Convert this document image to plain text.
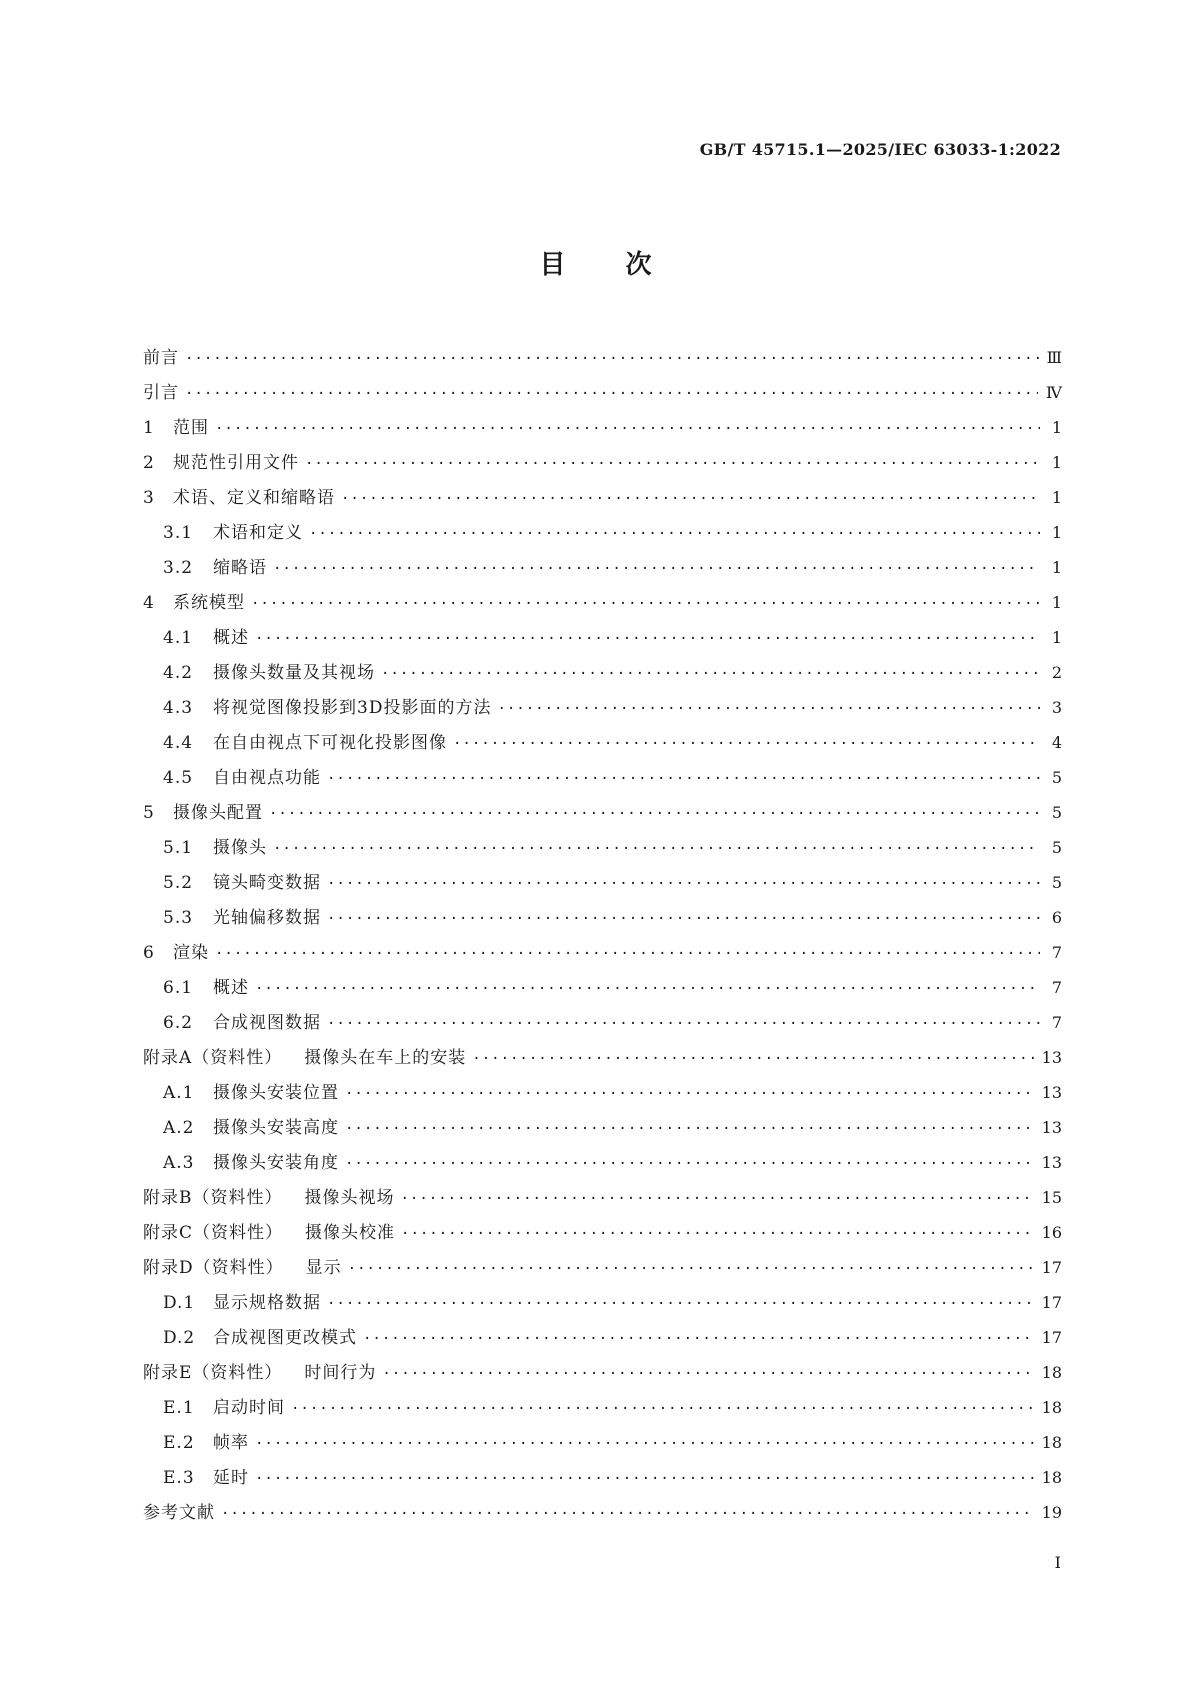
GB/T 45715.1—2025/IEC 63033-1:2022
目次
前言 ·····	Ⅲ
引言 ·····	Ⅳ
1 范围 ·····	1
2 规范性引用文件 ·····	1
3 术语、定义和缩略语 ·····	1
3.1 术语和定义 ·····	1
3.2 缩略语 ·····	1
4 系统模型 ·····	1
4.1 概述 ·····	1
4.2 摄像头数量及其视场 ·····	2
4.3 将视觉图像投影到3D投影面的方法 ·····	3
4.4 在自由视点下可视化投影图像 ·····	4
4.5 自由视点功能 ·····	5
5 摄像头配置 ·····	5
5.1 摄像头 ·····	5
5.2 镜头畸变数据 ·····	5
5.3 光轴偏移数据 ·····	6
6 渲染 ·····	7
6.1 概述 ·····	7
6.2 合成视图数据 ·····	7
附录A（资料性） 摄像头在车上的安装 ·····	13
A.1 摄像头安装位置 ·····	13
A.2 摄像头安装高度 ·····	13
A.3 摄像头安装角度 ·····	13
附录B（资料性） 摄像头视场 ·····	15
附录C（资料性） 摄像头校准 ·····	16
附录D（资料性） 显示 ·····	17
D.1 显示规格数据 ·····	17
D.2 合成视图更改模式 ·····	17
附录E（资料性） 时间行为 ·····	18
E.1 启动时间 ·····	18
E.2 帧率 ·····	18
E.3 延时 ·····	18
参考文献 ·····	19
I
